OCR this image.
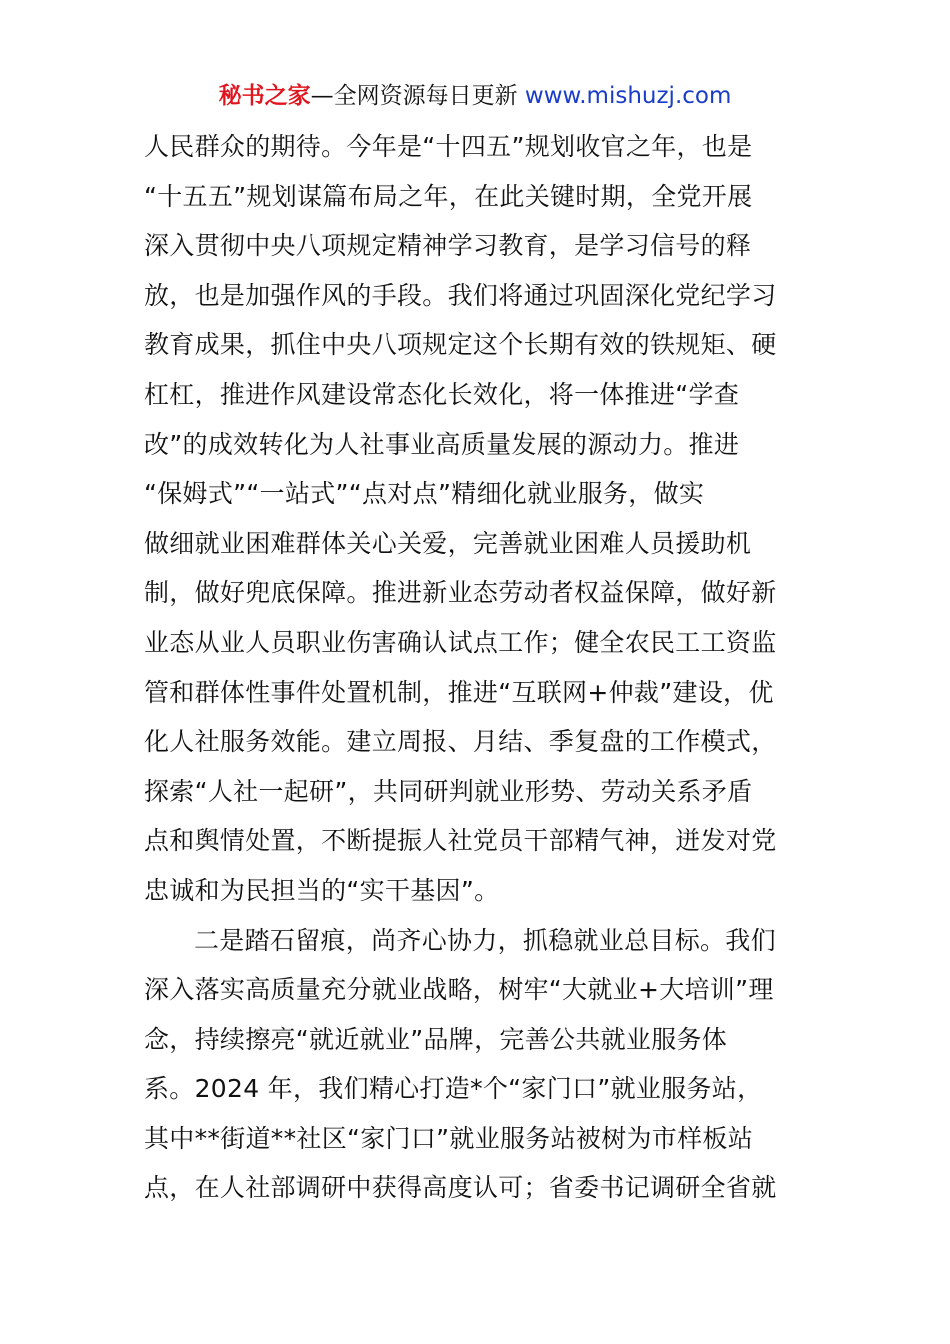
秘书之家—全网资源每日更新 www.mishuzj.com
人民群众的期待。今年是“十四五”规划收官之年，也是
“十五五”规划谋篇布局之年，在此关键时期，全党开展
深入贯彻中央八项规定精神学习教育，是学习信号的释
放，也是加强作风的手段。我们将通过巩固深化党纪学习
教育成果，抓住中央八项规定这个长期有效的铁规矩、硬
杠杠，推进作风建设常态化长效化，将一体推进“学查
改”的成效转化为人社事业高质量发展的源动力。推进
“保姆式”“一站式”“点对点”精细化就业服务，做实
做细就业困难群体关心关爱，完善就业困难人员援助机
制，做好兜底保障。推进新业态劳动者权益保障，做好新
业态从业人员职业伤害确认试点工作；健全农民工工资监
管和群体性事件处置机制，推进“互联网+仲裁”建设，优
化人社服务效能。建立周报、月结、季复盘的工作模式，
探索“人社一起研”，共同研判就业形势、劳动关系矛盾
点和舆情处置，不断提振人社党员干部精气神，迸发对党
忠诚和为民担当的“实干基因”。
二是踏石留痕，尚齐心协力，抓稳就业总目标。我们
深入落实高质量充分就业战略，树牢“大就业+大培训”理
念，持续擦亮“就近就业”品牌，完善公共就业服务体
系。2024 年，我们精心打造*个“家门口”就业服务站，
其中**街道**社区“家门口”就业服务站被树为市样板站
点，在人社部调研中获得高度认可；省委书记调研全省就
